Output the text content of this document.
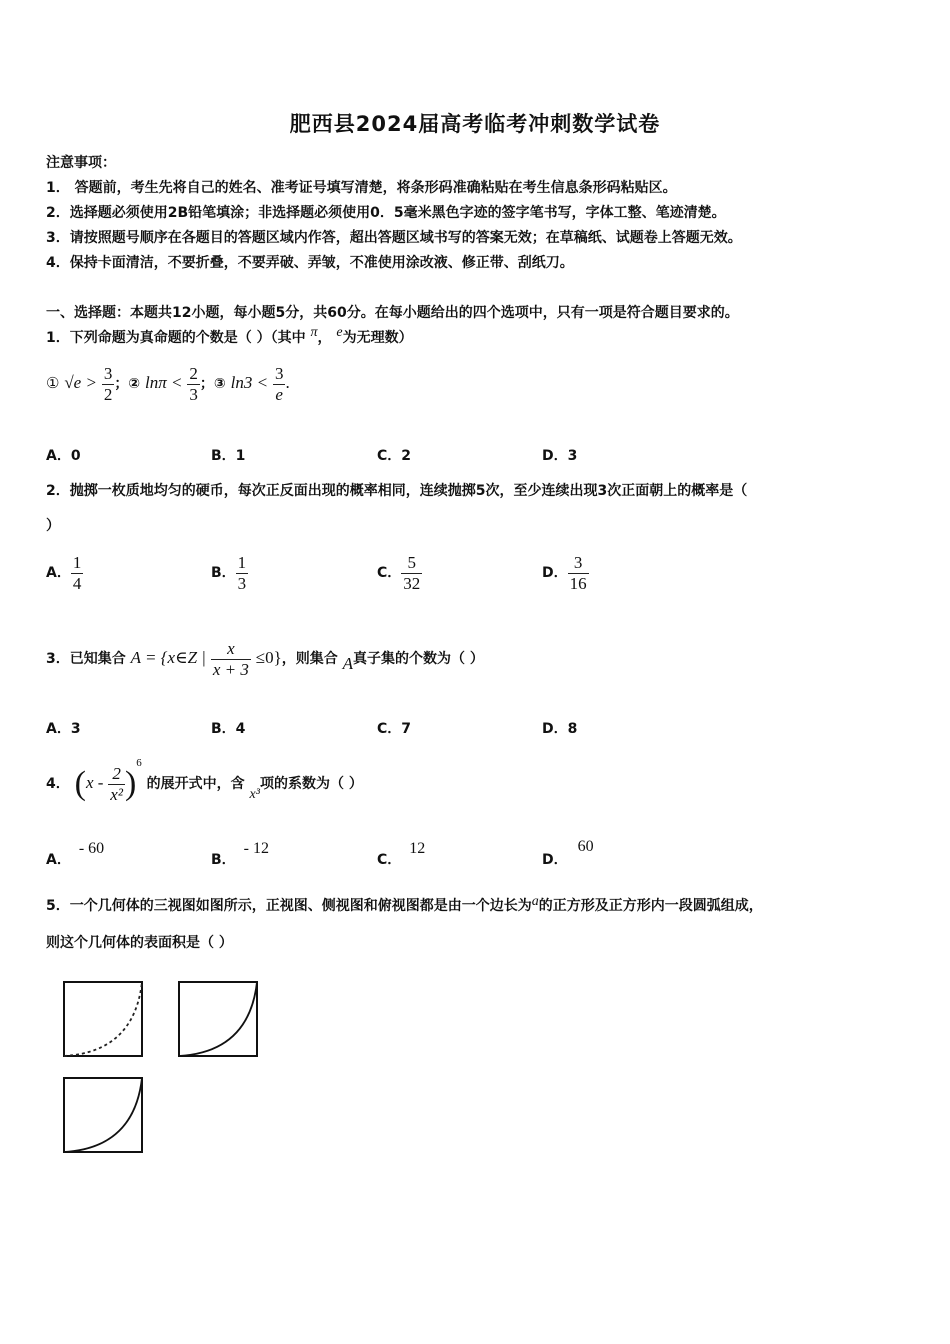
肥西县2024届高考临考冲刺数学试卷
注意事项：
1． 答题前，考生先将自己的姓名、准考证号填写清楚，将条形码准确粘贴在考生信息条形码粘贴区。
2．选择题必须使用2B铅笔填涂；非选择题必须使用0．5毫米黑色字迹的签字笔书写，字体工整、笔迹清楚。
3．请按照题号顺序在各题目的答题区域内作答，超出答题区域书写的答案无效；在草稿纸、试题卷上答题无效。
4．保持卡面清洁，不要折叠，不要弄破、弄皱，不准使用涂改液、修正带、刮纸刀。
一、选择题：本题共12小题，每小题5分，共60分。在每小题给出的四个选项中，只有一项是符合题目要求的。
1．下列命题为真命题的个数是（ ）（其中 π， e为无理数）
① $√e > \frac{3}{2}$ ；② $\ln\pi < \frac{2}{3}$ ；③ $\ln 3 < \frac{3}{e}$ .
A．0	B．1	C．2	D．3
2．抛掷一枚质地均匀的硬币，每次正反面出现的概率相同，连续抛掷5次，至少连续出现3次正面朝上的概率是（
）
A． $\frac{1}{4}$	B． $\frac{1}{3}$	C． $\frac{5}{32}$	D． $\frac{3}{16}$
3．已知集合 A = {x∈Z | $\frac{x}{x + 3} \le 0$}，则集合 A真子集的个数为（ ）
A．3	B．4	C．7	D．8
4． $(x - \frac{2}{\text{x²}} )^6$ 的展开式中，含 x³项的系数为（ ）
A．- 60
B．- 12
C．12
D．60
5．一个几何体的三视图如图所示，正视图、侧视图和俯视图都是由一个边长为a的正方形及正方形内一段圆弧组成，
则这个几何体的表面积是（ ）
